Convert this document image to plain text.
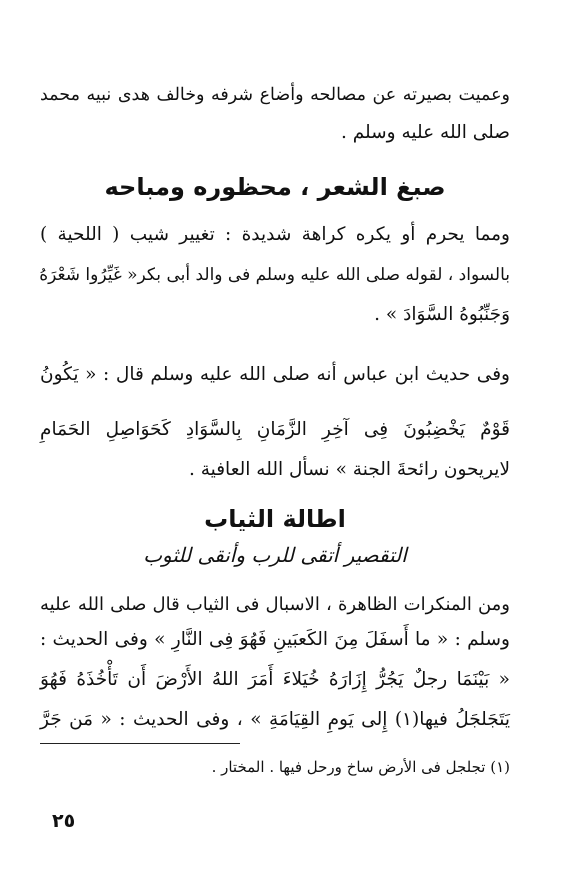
وعميت بصيرته عن مصالحه وأضاع شرفه وخالف هدى نبيه محمد
صلى الله عليه وسلم .
صبغ الشعر ، محظوره ومباحه
ومما يحرم أو يكره كراهة شديدة : تغيير شيب ( اللحية )
بالسواد ، لقوله صلى الله عليه وسلم فى والد أبى بكر« غَيِّرُوا شَعْرَهُ
وَجَنِّبُوهُ السَّوَادَ » .
وفى حديث ابن عباس أنه صلى الله عليه وسلم قال : « يَكُونُ
قَوْمٌ يَخْضِبُونَ فِى آخِرِ الزَّمَانِ بِالسَّوَادِ كَحَوَاصِلِ الحَمَامِ
لايريحون رائحةَ الجنة » نسأل الله العافية .
اطالة الثياب
التقصير أتقى للرب وأنقى للثوب
ومن المنكرات الظاهرة ، الاسبال فى الثياب قال صلى الله عليه
وسلم : « ما أَسفَلَ مِنَ الكَعبَينِ فَهُوَ فِى النَّارِ » وفى الحديث :
« بَيْنَمَا رجلٌ يَجُرُّ إِزَارَهُ خُيَلاءَ أَمَرَ اللهُ الأَرْضَ أَن تَأْخُذَهُ فَهُوَ
يَتَجَلجَلُ فيها(١) إِلى يَومِ القِيَامَةِ » ، وفى الحديث : « مَن جَرَّ
(١) تجلجل فى الأرض ساخ ورحل فيها . المختار .
٢٥
